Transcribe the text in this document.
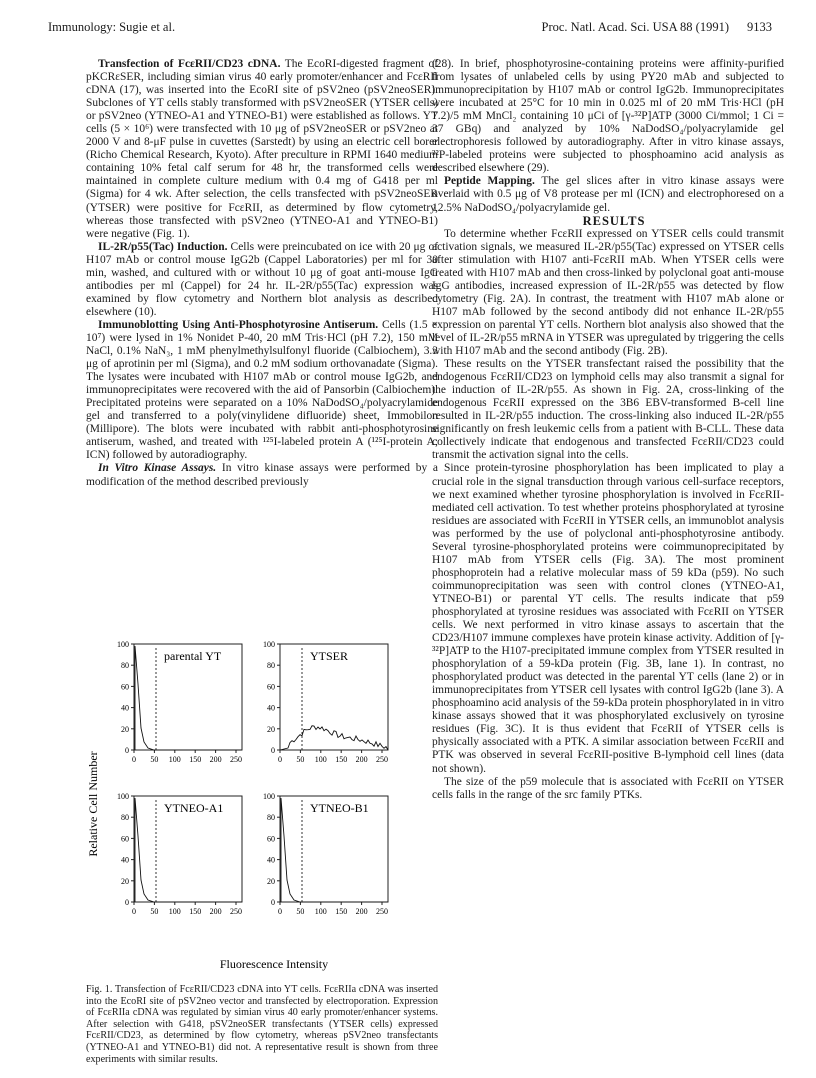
Immunology: Sugie et al.	Proc. Natl. Acad. Sci. USA 88 (1991) 9133

Transfection of FcεRII/CD23 cDNA. The EcoRI-digested fragment of pKCRεSER, including simian virus 40 early promoter/enhancer and FcεRII cDNA (17), was inserted into the EcoRI site of pSV2neo (pSV2neoSER). Subclones of YT cells stably transformed with pSV2neoSER (YTSER cells) or pSV2neo (YTNEO-A1 and YTNEO-B1) were established as follows. YT cells (5 × 10⁶) were transfected with 10 μg of pSV2neoSER or pSV2neo at 2000 V and 8-μF pulse in cuvettes (Sarstedt) by using an electric cell borer (Richo Chemical Research, Kyoto). After preculture in RPMI 1640 medium containing 10% fetal calf serum for 48 hr, the transformed cells were maintained in complete culture medium with 0.4 mg of G418 per ml (Sigma) for 4 wk. After selection, the cells transfected with pSV2neoSER (YTSER) were positive for FcεRII, as determined by flow cytometry, whereas those transfected with pSV2neo (YTNEO-A1 and YTNEO-B1) were negative (Fig. 1).

IL-2R/p55(Tac) Induction. Cells were preincubated on ice with 20 μg of H107 mAb or control mouse IgG2b (Cappel Laboratories) per ml for 30 min, washed, and cultured with or without 10 μg of goat anti-mouse IgG antibodies per ml (Cappel) for 24 hr. IL-2R/p55(Tac) expression was examined by flow cytometry and Northern blot analysis as described elsewhere (10).

Immunoblotting Using Anti-Phosphotyrosine Antiserum. Cells (1.5 × 10⁷) were lysed in 1% Nonidet P-40, 20 mM Tris·HCl (pH 7.2), 150 mM NaCl, 0.1% NaN₃, 1 mM phenylmethylsulfonyl fluoride (Calbiochem), 3.3 μg of aprotinin per ml (Sigma), and 0.2 mM sodium orthovanadate (Sigma). The lysates were incubated with H107 mAb or control mouse IgG2b, and immunoprecipitates were recovered with the aid of Pansorbin (Calbiochem). Precipitated proteins were separated on a 10% NaDodSO₄/polyacrylamide gel and transferred to a poly(vinylidene difluoride) sheet, Immobilon (Millipore). The blots were incubated with rabbit anti-phosphotyrosine antiserum, washed, and treated with ¹²⁵I-labeled protein A (¹²⁵I-protein A; ICN) followed by autoradiography.

In Vitro Kinase Assays. In vitro kinase assays were performed by a modification of the method described previously

Relative Cell Number
Fluorescence Intensity
0
20
40
60
80
100
0 50 100 150 200 250
parental YT
0
20
40
60
80
100
0 50 100 150 200 250
YTSER
0
20
40
60
80
100
0 50 100 150 200 250
YTNEO-A1
0
20
40
60
80
100
0 50 100 150 200 250
YTNEO-B1

Fig. 1. Transfection of FcεRII/CD23 cDNA into YT cells. FcεRIIa cDNA was inserted into the EcoRI site of pSV2neo vector and transfected by electroporation. Expression of FcεRIIa cDNA was regulated by simian virus 40 early promoter/enhancer systems. After selection with G418, pSV2neoSER transfectants (YTSER cells) expressed FcεRII/CD23, as determined by flow cytometry, whereas pSV2neo transfectants (YTNEO-A1 and YTNEO-B1) did not. A representative result is shown from three experiments with similar results.

(28). In brief, phosphotyrosine-containing proteins were affinity-purified from lysates of unlabeled cells by using PY20 mAb and subjected to immunoprecipitation by H107 mAb or control IgG2b. Immunoprecipitates were incubated at 25°C for 10 min in 0.025 ml of 20 mM Tris·HCl (pH 7.2)/5 mM MnCl₂ containing 10 μCi of [γ-³²P]ATP (3000 Ci/mmol; 1 Ci = 37 GBq) and analyzed by 10% NaDodSO₄/polyacrylamide gel electrophoresis followed by autoradiography. After in vitro kinase assays, ³²P-labeled proteins were subjected to phosphoamino acid analysis as described elsewhere (29).

Peptide Mapping. The gel slices after in vitro kinase assays were overlaid with 0.5 μg of V8 protease per ml (ICN) and electrophoresed on a 12.5% NaDodSO₄/polyacrylamide gel.

RESULTS

To determine whether FcεRII expressed on YTSER cells could transmit activation signals, we measured IL-2R/p55(Tac) expressed on YTSER cells after stimulation with H107 anti-FcεRII mAb. When YTSER cells were treated with H107 mAb and then cross-linked by polyclonal goat anti-mouse IgG antibodies, increased expression of IL-2R/p55 was detected by flow cytometry (Fig. 2A). In contrast, the treatment with H107 mAb alone or H107 mAb followed by the second antibody did not enhance IL-2R/p55 expression on parental YT cells. Northern blot analysis also showed that the level of IL-2R/p55 mRNA in YTSER was upregulated by triggering the cells with H107 mAb and the second antibody (Fig. 2B).

These results on the YTSER transfectant raised the possibility that the endogenous FcεRII/CD23 on lymphoid cells may also transmit a signal for the induction of IL-2R/p55. As shown in Fig. 2A, cross-linking of the endogenous FcεRII expressed on the 3B6 EBV-transformed B-cell line resulted in IL-2R/p55 induction. The cross-linking also induced IL-2R/p55 significantly on fresh leukemic cells from a patient with B-CLL. These data collectively indicate that endogenous and transfected FcεRII/CD23 could transmit the activation signal into the cells.

Since protein-tyrosine phosphorylation has been implicated to play a crucial role in the signal transduction through various cell-surface receptors, we next examined whether tyrosine phosphorylation is involved in FcεRII-mediated cell activation. To test whether proteins phosphorylated at tyrosine residues are associated with FcεRII in YTSER cells, an immunoblot analysis was performed by the use of polyclonal anti-phosphotyrosine antibody. Several tyrosine-phosphorylated proteins were coimmunoprecipitated by H107 mAb from YTSER cells (Fig. 3A). The most prominent phosphoprotein had a relative molecular mass of 59 kDa (p59). No such coimmunoprecipitation was seen with control clones (YTNEO-A1, YTNEO-B1) or parental YT cells. The results indicate that p59 phosphorylated at tyrosine residues was associated with FcεRII on YTSER cells. We next performed in vitro kinase assays to ascertain that the CD23/H107 immune complexes have protein kinase activity. Addition of [γ-³²P]ATP to the H107-precipitated immune complex from YTSER resulted in phosphorylation of a 59-kDa protein (Fig. 3B, lane 1). In contrast, no phosphorylated product was detected in the parental YT cells (lane 2) or in immunoprecipitates from YTSER cell lysates with control IgG2b (lane 3). A phosphoamino acid analysis of the 59-kDa protein phosphorylated in in vitro kinase assays showed that it was phosphorylated exclusively on tyrosine residues (Fig. 3C). It is thus evident that FcεRII of YTSER cells is physically associated with a PTK. A similar association between FcεRII and PTK was observed in several FcεRII-positive B-lymphoid cell lines (data not shown).

The size of the p59 molecule that is associated with FcεRII on YTSER cells falls in the range of the src family PTKs.
